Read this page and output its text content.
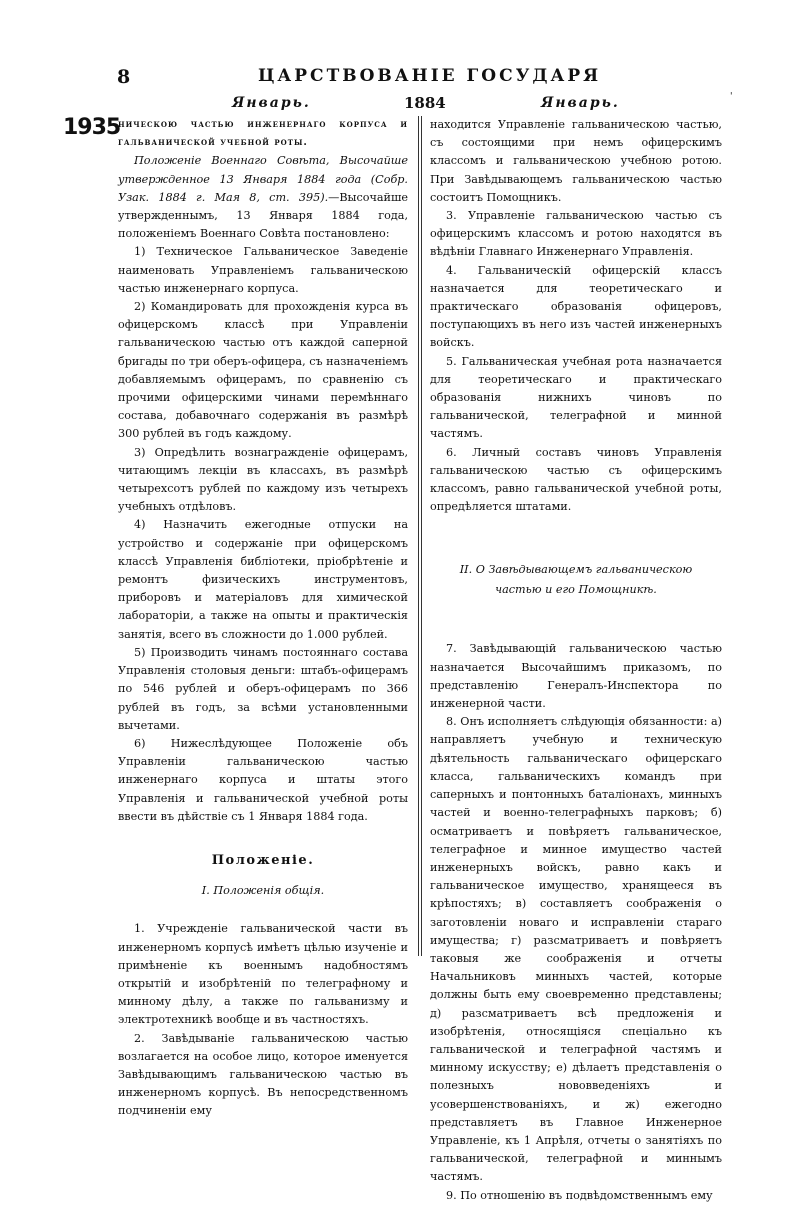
8	ЦАРСТВОВАНІЕ ГОСУДАРЯ
Январь.	1884	Январь.	'
1935

ническою частью инженернаго корпуса и гальванической учебной роты.

Положеніе Военнаго Совѣта, Высочайше утвержденное 13 Января 1884 года (Собр. Узак. 1884 г. Мая 8, ст. 395).—Высочайше утвержденнымъ, 13 Января 1884 года, положеніемъ Военнаго Совѣта постановлено:

1) Техническое Гальваническое Заведеніе наименовать Управленіемъ гальваническою частью инженернаго корпуса.

2) Командировать для прохожденія курса въ офицерскомъ классѣ при Управленіи гальваническою частью отъ каждой саперной бригады по три оберъ-офицера, съ назначеніемъ добавляемымъ офицерамъ, по сравненію съ прочими офицерскими чинами перемѣннаго состава, добавочнаго содержанія въ размѣрѣ 300 рублей въ годъ каждому.

3) Опредѣлить вознагражденіе офицерамъ, читающимъ лекціи въ классахъ, въ размѣрѣ четырехсотъ рублей по каждому изъ четырехъ учебныхъ отдѣловъ.

4) Назначить ежегодные отпуски на устройство и содержаніе при офицерскомъ классѣ Управленія библіотеки, пріобрѣтеніе и ремонтъ физическихъ инструментовъ, приборовъ и матеріаловъ для химической лабораторіи, а также на опыты и практическія занятія, всего въ сложности до 1.000 рублей.

5) Производить чинамъ постояннаго состава Управленія столовыя деньги: штабъ-офицерамъ по 546 рублей и оберъ-офицерамъ по 366 рублей въ годъ, за всѣми установленными вычетами.

6) Нижеслѣдующее Положеніе объ Управленіи гальваническою частью инженернаго корпуса и штаты этого Управленія и гальванической учебной роты ввести въ дѣйствіе съ 1 Января 1884 года.

Положеніе.

I. Положенія общія.

1. Учрежденіе гальванической части въ инженерномъ корпусѣ имѣетъ цѣлью изученіе и примѣненіе къ военнымъ надобностямъ открытій и изобрѣтеній по телеграфному и минному дѣлу, а также по гальванизму и электротехникѣ вообще и въ частностяхъ.

2. Завѣдываніе гальваническою частью возлагается на особое лицо, которое именуется Завѣдывающимъ гальваническою частью въ инженерномъ корпусѣ. Въ непосредственномъ подчиненіи ему

находится Управленіе гальваническою частью, съ состоящими при немъ офицерскимъ классомъ и гальваническою учебною ротою. При Завѣдывающемъ гальваническою частью состоитъ Помощникъ.

3. Управленіе гальваническою частью съ офицерскимъ классомъ и ротою находятся въ вѣдѣніи Главнаго Инженернаго Управленія.

4. Гальваническій офицерскій классъ назначается для теоретическаго и практическаго образованія офицеровъ, поступающихъ въ него изъ частей инженерныхъ войскъ.

5. Гальваническая учебная рота назначается для теоретическаго и практическаго образованія нижнихъ чиновъ по гальванической, телеграфной и минной частямъ.

6. Личный составъ чиновъ Управленія гальваническою частью съ офицерскимъ классомъ, равно гальванической учебной роты, опредѣляется штатами.

II. О Завѣдывающемъ гальваническою частью и его Помощникѣ.

7. Завѣдывающій гальваническою частью назначается Высочайшимъ приказомъ, по представленію Генералъ-Инспектора по инженерной части.

8. Онъ исполняетъ слѣдующія обязанности: а) направляетъ учебную и техническую дѣятельность гальваническаго офицерскаго класса, гальваническихъ командъ при саперныхъ и понтонныхъ баталіонахъ, минныхъ частей и военно-телеграфныхъ парковъ; б) осматриваетъ и повѣряетъ гальваническое, телеграфное и минное имущество частей инженерныхъ войскъ, равно какъ и гальваническое имущество, хранящееся въ крѣпостяхъ; в) составляетъ соображенія о заготовленіи новаго и исправленіи стараго имущества; г) разсматриваетъ и повѣряетъ таковыя же соображенія и отчеты Начальниковъ минныхъ частей, которые должны быть ему своевременно представлены; д) разсматриваетъ всѣ предложенія и изобрѣтенія, относящіяся спеціально къ гальванической и телеграфной частямъ и минному искусству; е) дѣлаетъ представленія о полезныхъ нововведеніяхъ и усовершенствованіяхъ, и ж) ежегодно представляетъ въ Главное Инженерное Управленіе, къ 1 Апрѣля, отчеты о занятіяхъ по гальванической, телеграфной и миннымъ частямъ.

9. По отношенію въ подвѣдомственнымъ ему
